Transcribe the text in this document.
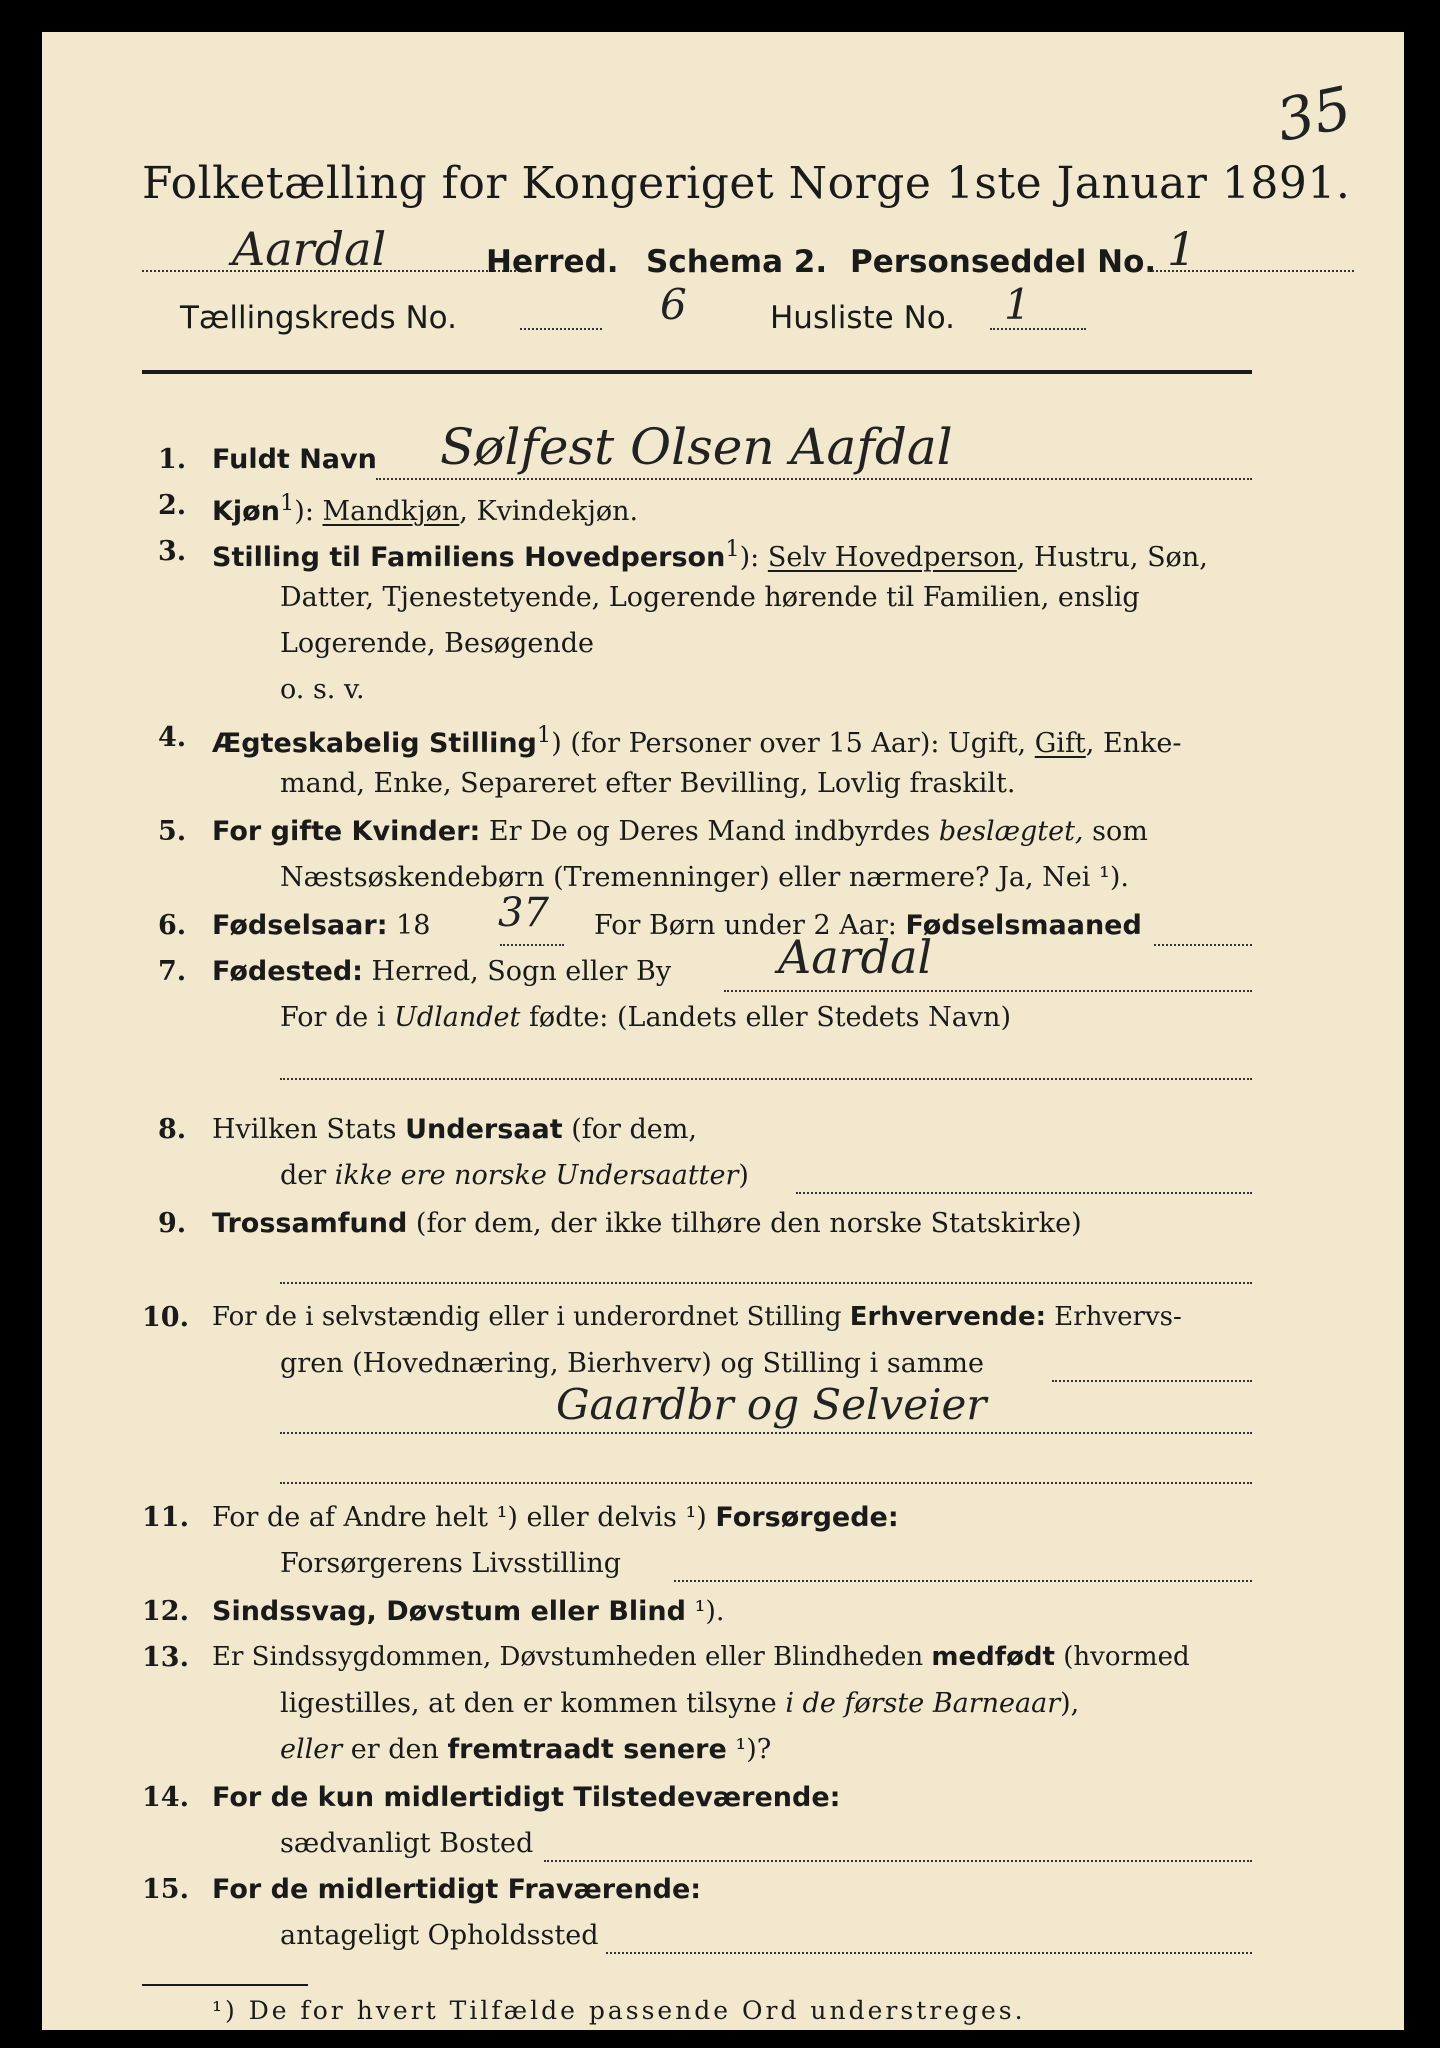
35
Folketælling for Kongeriget Norge 1ste Januar 1891.
Aardal	Herred. Schema 2. Personseddel No. 1
Tællingskreds No.	6	Husliste No. 1
1. Fuldt Navn Sølfest Olsen Aafdal
2. Kjøn$^1$): Mandkjøn, Kvindekjøn.
3. Stilling til Familiens Hovedperson$^1$): Selv Hovedperson, Hustru, Søn,
Datter, Tjenestetyende, Logerende hørende til Familien, enslig
Logerende, Besøgende
o. s. v.
4. Ægteskabelig Stilling$^1$) (for Personer over 15 Aar): Ugift, Gift, Enke-
mand, Enke, Separeret efter Bevilling, Lovlig fraskilt.
5. For gifte Kvinder: Er De og Deres Mand indbyrdes beslægtet, som
Næstsøskendebørn (Tremenninger) eller nærmere? Ja, Nei ¹).
6. Fødselsaar: 18 37 For Børn under 2 Aar: Fødselsmaaned
7. Fødested: Herred, Sogn eller By Aardal
For de i Udlandet fødte: (Landets eller Stedets Navn)
8. Hvilken Stats Undersaat (for dem,
der ikke ere norske Undersaatter)
9. Trossamfund (for dem, der ikke tilhøre den norske Statskirke)
10. For de i selvstændig eller i underordnet Stilling Erhvervende: Erhvervs-
gren (Hovednæring, Bierhverv) og Stilling i samme
Gaardbr og Selveier
11. For de af Andre helt ¹) eller delvis ¹) Forsørgede:
Forsørgerens Livsstilling
12. Sindssvag, Døvstum eller Blind ¹).
13. Er Sindssygdommen, Døvstumheden eller Blindheden medfødt (hvormed
ligestilles, at den er kommen tilsyne i de første Barneaar),
eller er den fremtraadt senere ¹)?
14. For de kun midlertidigt Tilstedeværende:
sædvanligt Bosted
15. For de midlertidigt Fraværende:
antageligt Opholdssted
¹) De for hvert Tilfælde passende Ord understreges.
